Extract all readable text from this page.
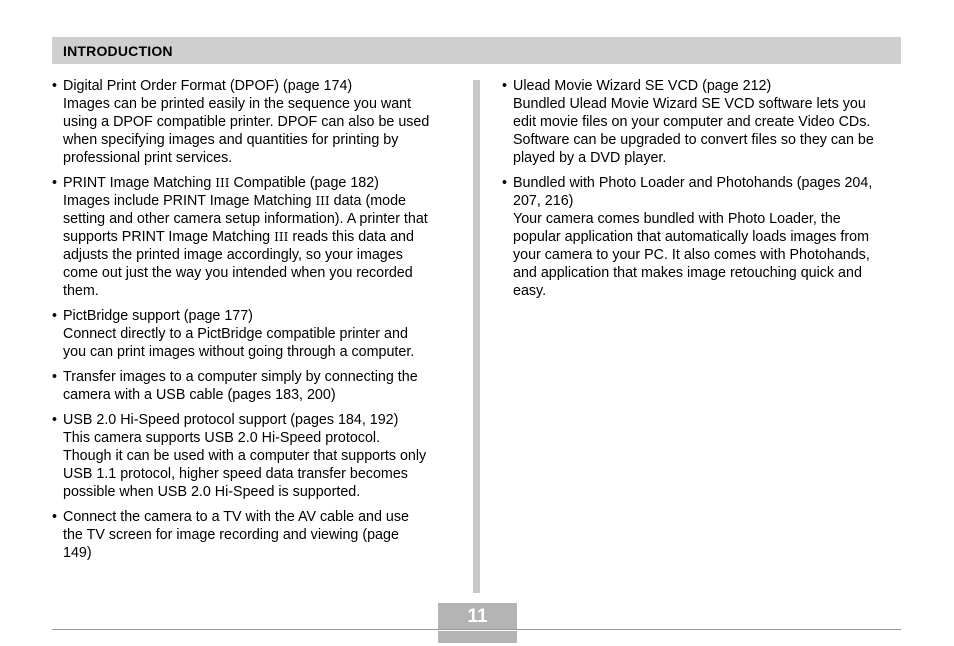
INTRODUCTION
• Digital Print Order Format (DPOF) (page 174)
Images can be printed easily in the sequence you want
using a DPOF compatible printer. DPOF can also be used
when specifying images and quantities for printing by
professional print services.
• PRINT Image Matching III Compatible (page 182)
Images include PRINT Image Matching III data (mode
setting and other camera setup information). A printer that
supports PRINT Image Matching III reads this data and
adjusts the printed image accordingly, so your images
come out just the way you intended when you recorded
them.
• PictBridge support (page 177)
Connect directly to a PictBridge compatible printer and
you can print images without going through a computer.
• Transfer images to a computer simply by connecting the
camera with a USB cable (pages 183, 200)
• USB 2.0 Hi-Speed protocol support (pages 184, 192)
This camera supports USB 2.0 Hi-Speed protocol.
Though it can be used with a computer that supports only
USB 1.1 protocol, higher speed data transfer becomes
possible when USB 2.0 Hi-Speed is supported.
• Connect the camera to a TV with the AV cable and use
the TV screen for image recording and viewing (page
149)
• Ulead Movie Wizard SE VCD (page 212)
Bundled Ulead Movie Wizard SE VCD software lets you
edit movie files on your computer and create Video CDs.
Software can be upgraded to convert files so they can be
played by a DVD player.
• Bundled with Photo Loader and Photohands (pages 204,
207, 216)
Your camera comes bundled with Photo Loader, the
popular application that automatically loads images from
your camera to your PC. It also comes with Photohands,
and application that makes image retouching quick and
easy.
11
